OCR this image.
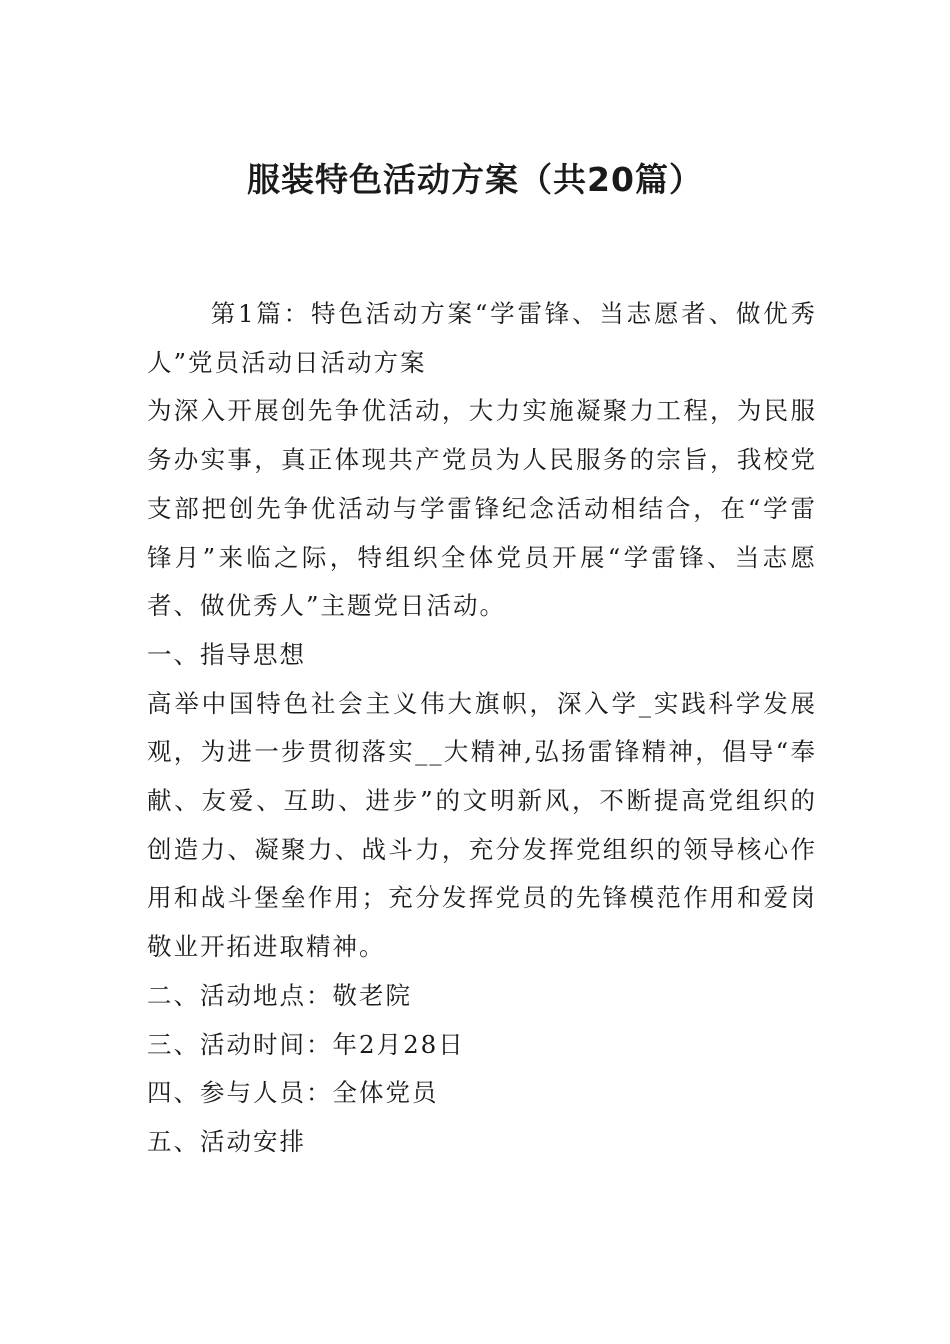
服装特色活动方案（共20篇）

第1篇：特色活动方案“学雷锋、当志愿者、做优秀人”党员活动日活动方案

为深入开展创先争优活动，大力实施凝聚力工程，为民服务办实事，真正体现共产党员为人民服务的宗旨，我校党支部把创先争优活动与学雷锋纪念活动相结合，在“学雷锋月”来临之际，特组织全体党员开展“学雷锋、当志愿者、做优秀人”主题党日活动。

一、指导思想

高举中国特色社会主义伟大旗帜，深入学_实践科学发展观，为进一步贯彻落实__大精神,弘扬雷锋精神，倡导“奉献、友爱、互助、进步”的文明新风，不断提高党组织的创造力、凝聚力、战斗力，充分发挥党组织的领导核心作用和战斗堡垒作用；充分发挥党员的先锋模范作用和爱岗敬业开拓进取精神。

二、活动地点：敬老院

三、活动时间：年2月28日

四、参与人员：全体党员

五、活动安排
